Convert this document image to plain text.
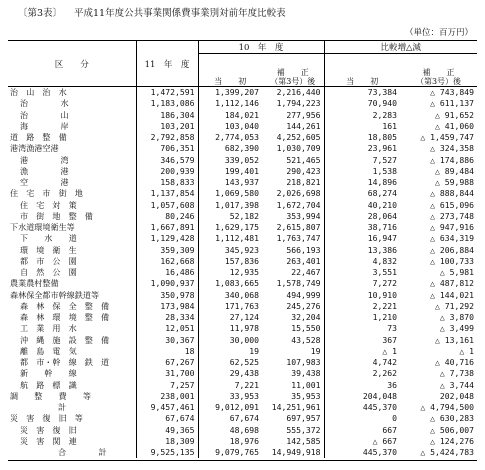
〔第3表〕 平成11年度公共事業関係費事業別対前年度比較表
（単位：百万円）
区　　分	11　年　度	10　年　度		比較増△減	
		当　　初	補　　正
（第3号）後	当　　初	補　　正
（第3号）後
治　山　治　水	1,472,591	1,399,207	2,216,440	73,384	△ 743,849
治　　　　水	1,183,086	1,112,146	1,794,223	70,940	△ 611,137
治　　　　山	186,304	184,021	277,956	2,283	△ 91,652
海　　　　岸	103,201	103,040	144,261	161	△ 41,060
道　路　整　備	2,792,858	2,774,053	4,252,605	18,805	△ 1,459,747
港湾漁港空港	706,351	682,390	1,030,709	23,961	△ 324,358
港　　　　湾	346,579	339,052	521,465	7,527	△ 174,886
漁　　　　港	200,939	199,401	290,423	1,538	△ 89,484
空　　　　港	158,833	143,937	218,821	14,896	△ 59,988
住　宅　市　街　地	1,137,854	1,069,580	2,026,698	68,274	△ 888,844
住　宅　対　策	1,057,608	1,017,398	1,672,704	40,210	△ 615,096
市　街　地　整　備	80,246	52,182	353,994	28,064	△ 273,748
下水道環境衛生等	1,667,891	1,629,175	2,615,807	38,716	△ 947,916
下　　水　　道	1,129,428	1,112,481	1,763,747	16,947	△ 634,319
環　境　衛　生	359,309	345,923	566,193	13,386	△ 206,884
都　市　公　園	162,668	157,836	263,401	4,832	△ 100,733
自　然　公　園	16,486	12,935	22,467	3,551	△ 5,981
農業農村整備	1,090,937	1,083,665	1,578,749	7,272	△ 487,812
森林保全都市幹線鉄道等	350,978	340,068	494,999	10,910	△ 144,021
森　林　保　全　整　備	173,984	171,763	245,276	2,221	△ 71,292
森　林　環　境　整　備	28,334	27,124	32,204	1,210	△ 3,870
工　業　用　水	12,051	11,978	15,550	73	△ 3,499
沖　縄　施　設　整　備	30,367	30,000	43,528	367	△ 13,161
離　島　電　気	18	19	19	△ 1	△ 1
都　市・幹　線　鉄　道	67,267	62,525	107,983	4,742	△ 40,716
新　　幹　　線	31,700	29,438	39,438	2,262	△ 7,738
航　路　標　識	7,257	7,221	11,001	36	△ 3,744
調　　整　　費　　等	238,001	33,953	35,953	204,048	202,048
計	9,457,461	9,012,091	14,251,961	445,370	△ 4,794,500
災　害　復　旧　等	67,674	67,674	697,957	0	△ 630,283
災　害　復　旧	49,365	48,698	555,372	667	△ 506,007
災　害　関　連	18,309	18,976	142,585	△ 667	△ 124,276
合　　　　計	9,525,135	9,079,765	14,949,918	445,370	△ 5,424,783
